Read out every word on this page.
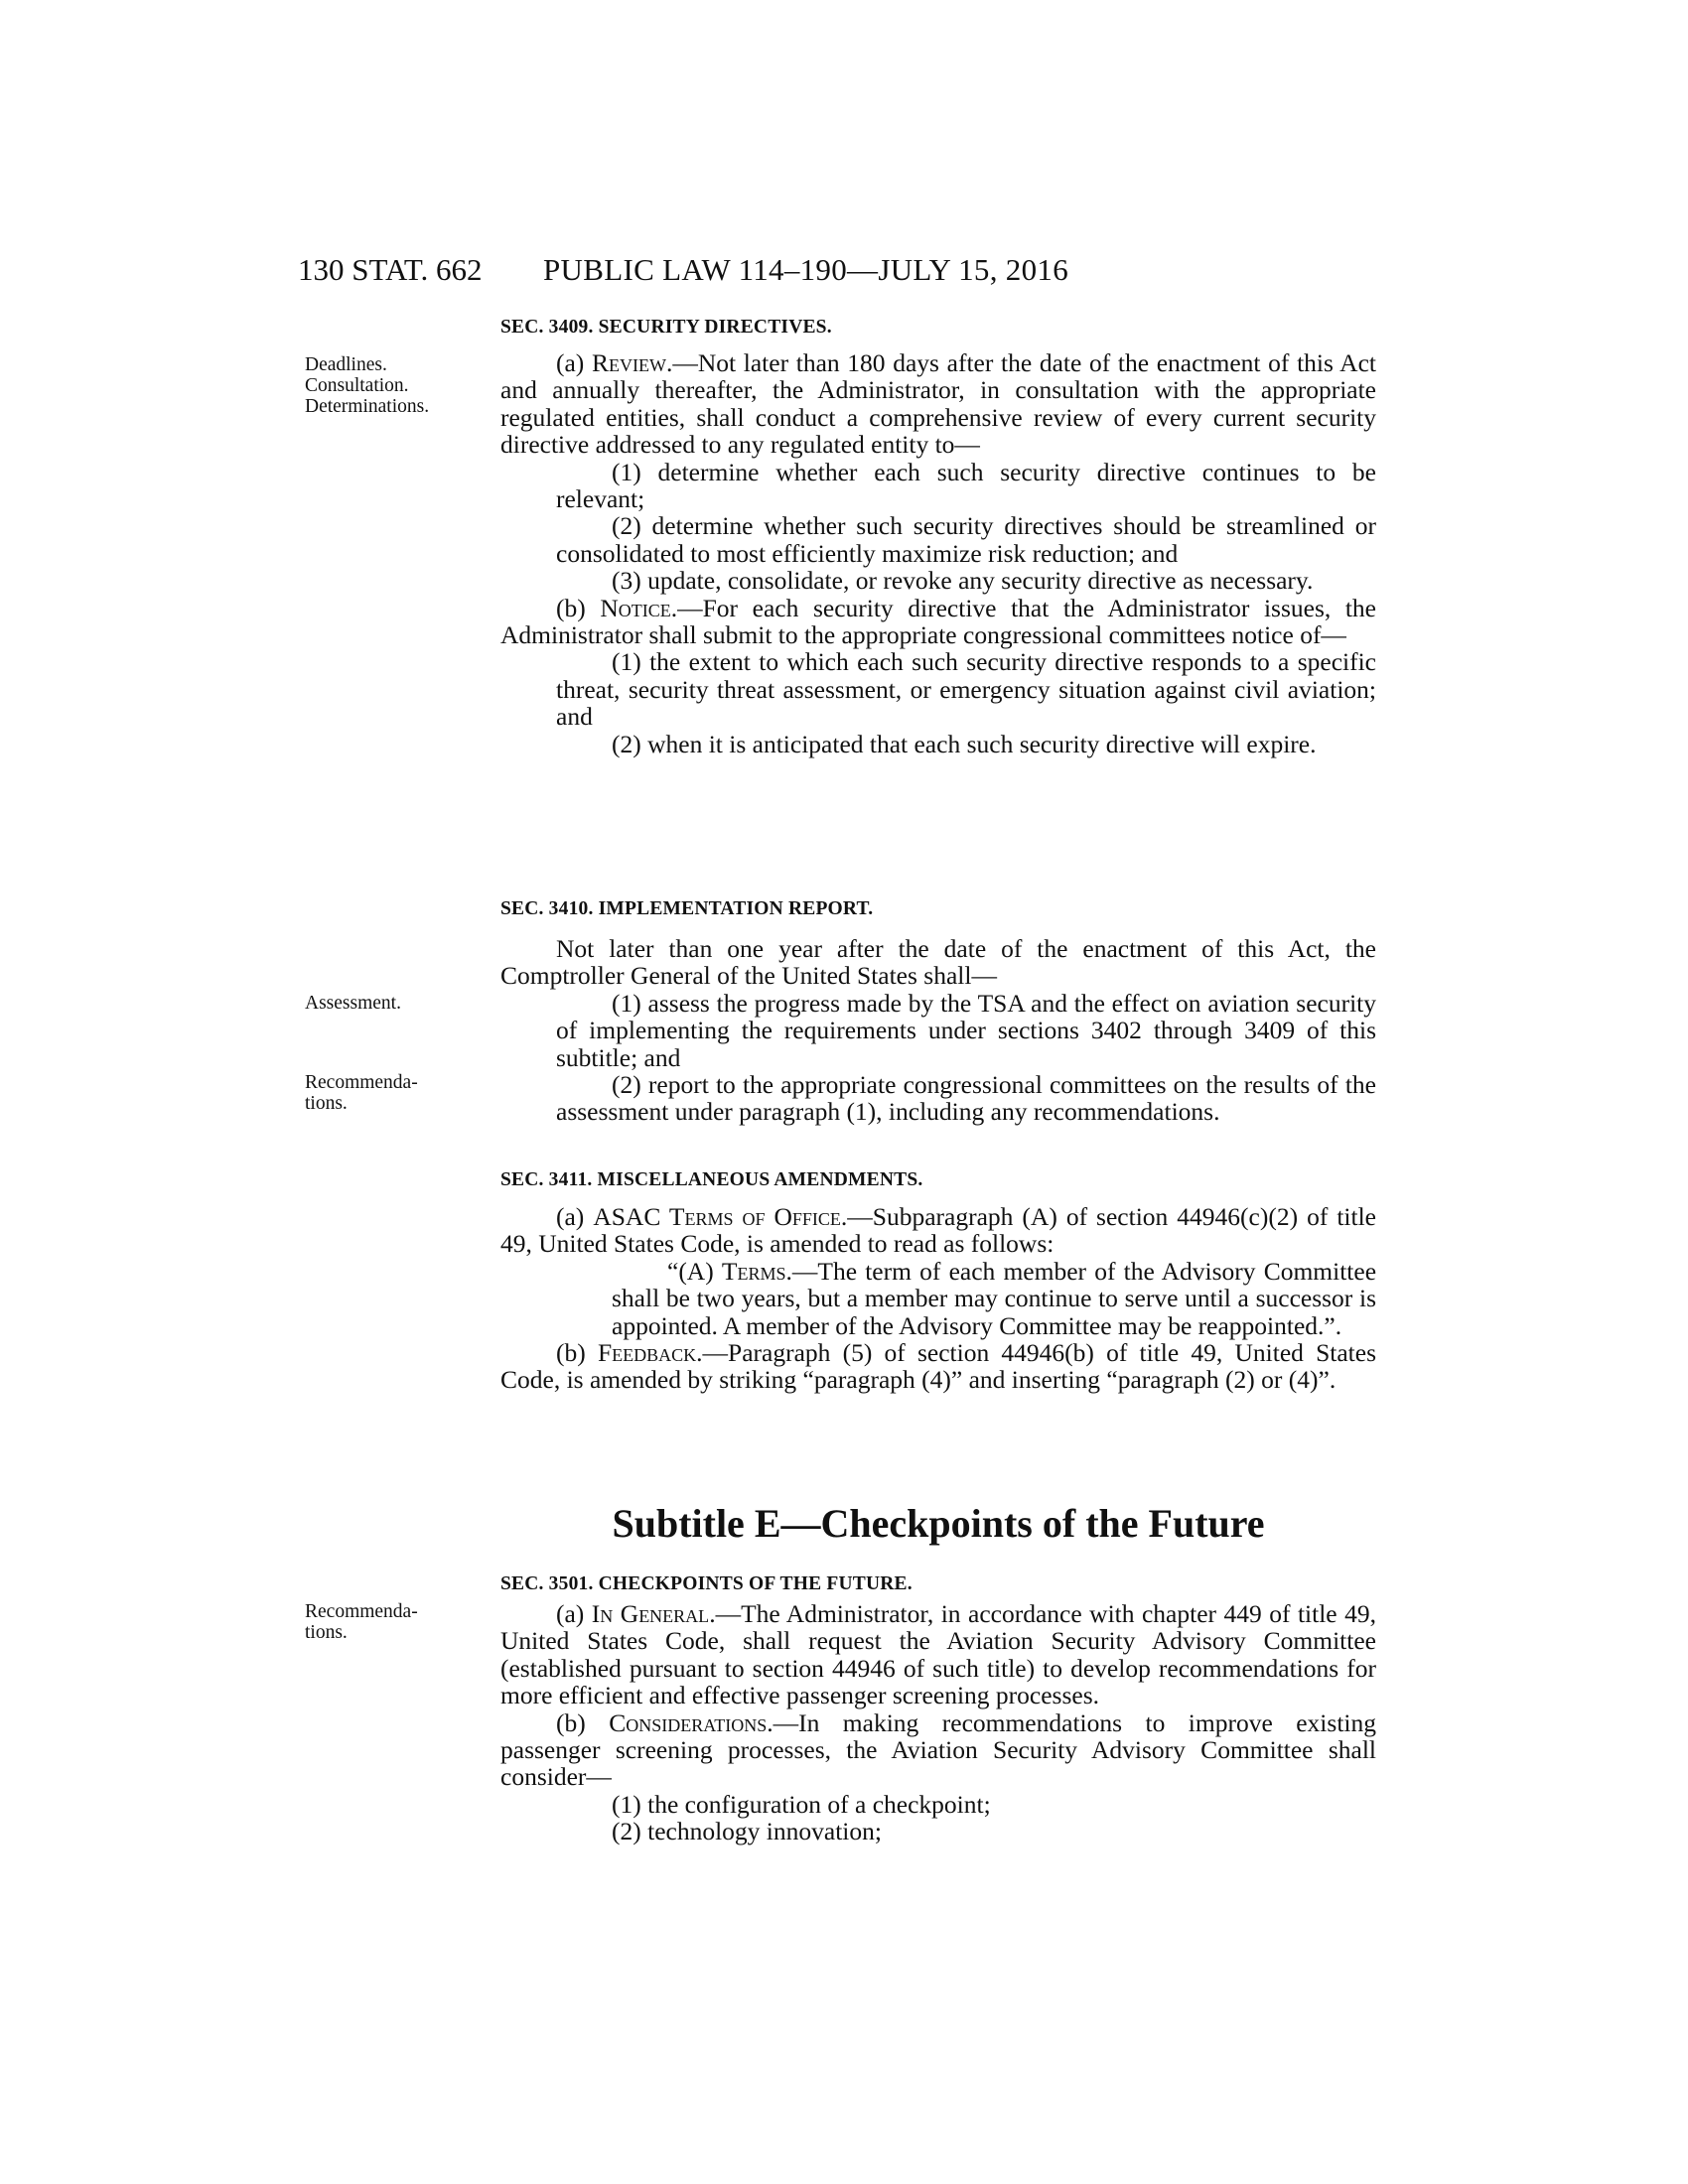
130 STAT. 662 PUBLIC LAW 114–190—JULY 15, 2016
Deadlines.
Consultation.
Determinations.
Assessment.
Recommenda-
tions.
Recommenda-
tions.
SEC. 3409. SECURITY DIRECTIVES.

(a) Review.—Not later than 180 days after the date of the enactment of this Act and annually thereafter, the Administrator, in consultation with the appropriate regulated entities, shall conduct a comprehensive review of every current security directive addressed to any regulated entity to—

(1) determine whether each such security directive continues to be relevant;

(2) determine whether such security directives should be streamlined or consolidated to most efficiently maximize risk reduction; and

(3) update, consolidate, or revoke any security directive as necessary.

(b) Notice.—For each security directive that the Administrator issues, the Administrator shall submit to the appropriate congressional committees notice of—

(1) the extent to which each such security directive responds to a specific threat, security threat assessment, or emergency situation against civil aviation; and

(2) when it is anticipated that each such security directive will expire.

SEC. 3410. IMPLEMENTATION REPORT.

Not later than one year after the date of the enactment of this Act, the Comptroller General of the United States shall—

(1) assess the progress made by the TSA and the effect on aviation security of implementing the requirements under sections 3402 through 3409 of this subtitle; and

(2) report to the appropriate congressional committees on the results of the assessment under paragraph (1), including any recommendations.

SEC. 3411. MISCELLANEOUS AMENDMENTS.

(a) ASAC Terms of Office.—Subparagraph (A) of section 44946(c)(2) of title 49, United States Code, is amended to read as follows:

“(A) Terms.—The term of each member of the Advisory Committee shall be two years, but a member may continue to serve until a successor is appointed. A member of the Advisory Committee may be reappointed.”.

(b) Feedback.—Paragraph (5) of section 44946(b) of title 49, United States Code, is amended by striking “paragraph (4)” and inserting “paragraph (2) or (4)”.

Subtitle E—Checkpoints of the Future
SEC. 3501. CHECKPOINTS OF THE FUTURE.

(a) In General.—The Administrator, in accordance with chapter 449 of title 49, United States Code, shall request the Aviation Security Advisory Committee (established pursuant to section 44946 of such title) to develop recommendations for more efficient and effective passenger screening processes.

(b) Considerations.—In making recommendations to improve existing passenger screening processes, the Aviation Security Advisory Committee shall consider—

(1) the configuration of a checkpoint;

(2) technology innovation;
